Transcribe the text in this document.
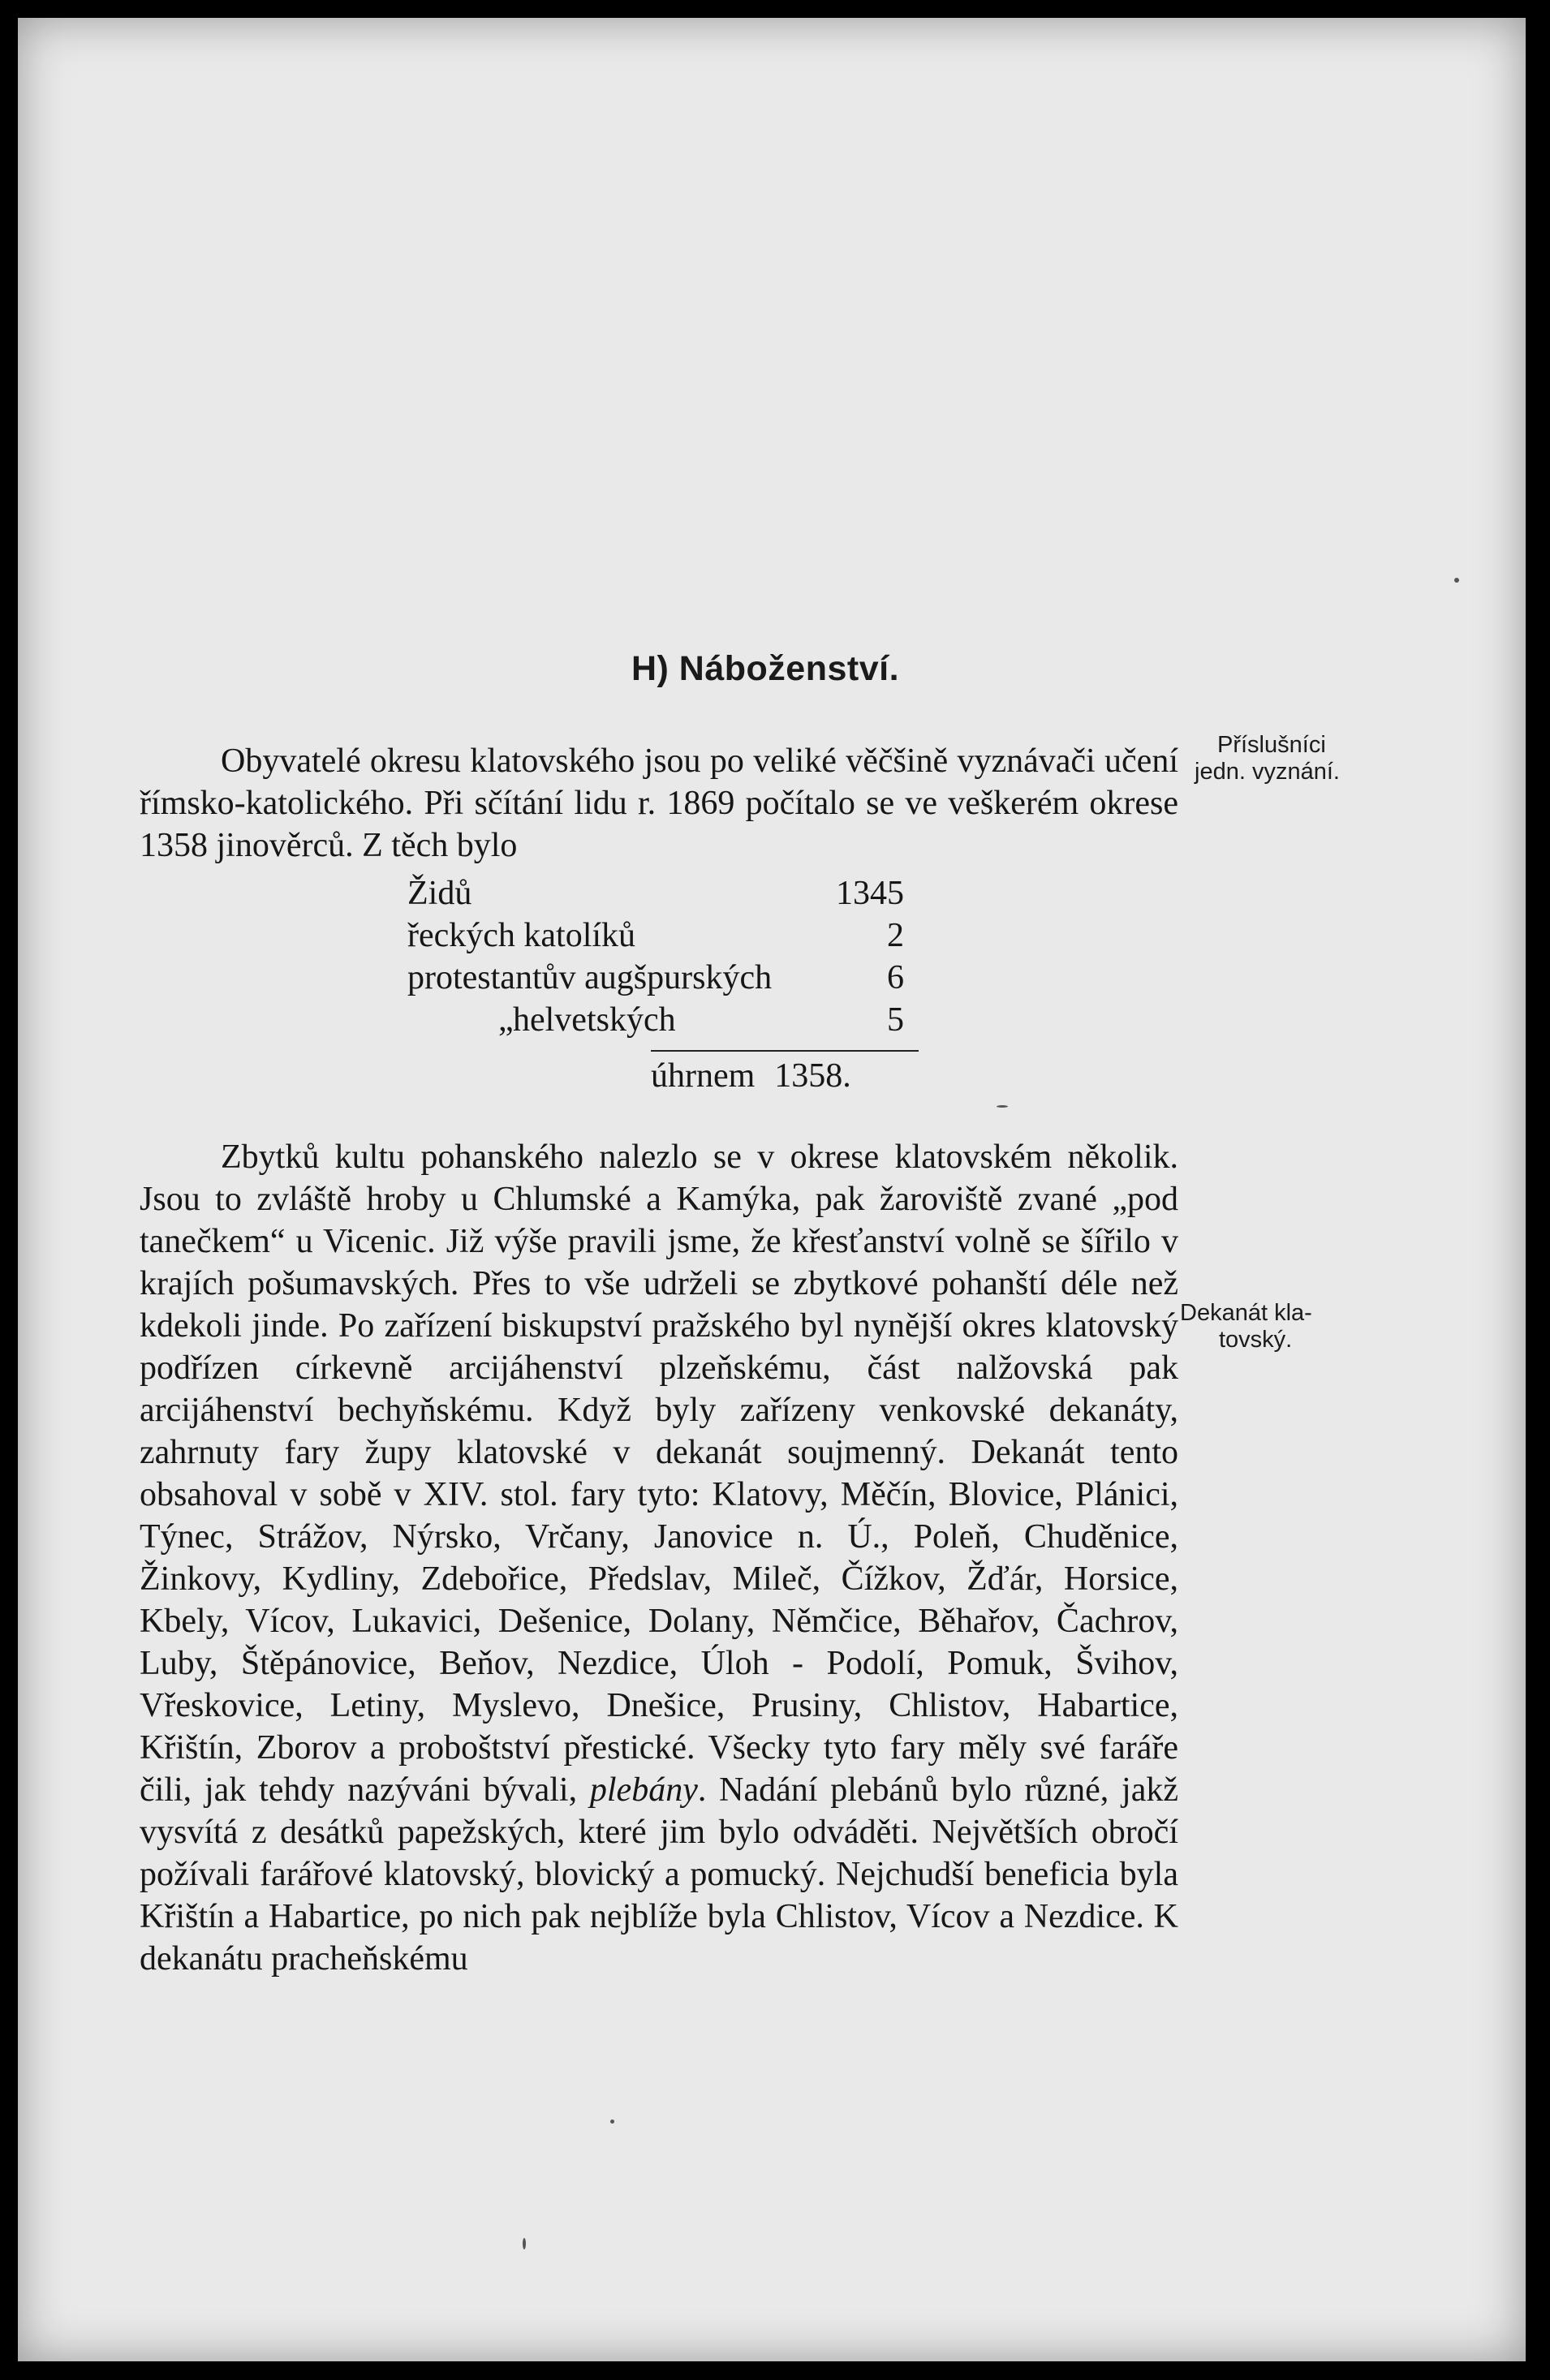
H) Náboženství.
Příslušníci
jedn. vyznání.

Obyvatelé okresu klatovského jsou po veliké věčšině vyznávači učení římsko-katolického. Při sčítání lidu r. 1869 počítalo se ve veškerém okrese 1358 jinověrců. Z těch bylo

Židů	1345
řeckých katolíků	2
protestantův augšpurských	6
„ helvetských	5
úhrnem 1358.
Dekanát kla-
tovský.

Zbytků kultu pohanského nalezlo se v okrese klatovském několik. Jsou to zvláště hroby u Chlumské a Kamýka, pak žaroviště zvané „pod tanečkem“ u Vicenic. Již výše pravili jsme, že křesťanství volně se šířilo v krajích pošumavských. Přes to vše udrželi se zbytkové pohanští déle než kdekoli jinde. Po zařízení biskupství pražského byl nynější okres klatovský podřízen církevně arcijáhenství plzeňskému, část nalžovská pak arcijáhenství bechyňskému. Když byly zařízeny venkovské dekanáty, zahrnuty fary župy klatovské v dekanát soujmenný. Dekanát tento obsahoval v sobě v XIV. stol. fary tyto: Klatovy, Měčín, Blovice, Plánici, Týnec, Strážov, Nýrsko, Vrčany, Janovice n. Ú., Poleň, Chuděnice, Žinkovy, Kydliny, Zdebořice, Předslav, Mileč, Čížkov, Žďár, Horsice, Kbely, Vícov, Lukavici, Dešenice, Dolany, Němčice, Běhařov, Čachrov, Luby, Štěpánovice, Beňov, Nezdice, Úloh - Podolí, Pomuk, Švihov, Vřeskovice, Letiny, Myslevo, Dnešice, Prusiny, Chlistov, Habartice, Křištín, Zborov a proboštství přestické. Všecky tyto fary měly své faráře čili, jak tehdy nazýváni bývali, plebány. Nadání plebánů bylo různé, jakž vysvítá z desátků papežských, které jim bylo odváděti. Největších obročí požívali farářové klatovský, blovický a pomucký. Nejchudší beneficia byla Křištín a Habartice, po nich pak nejblíže byla Chlistov, Vícov a Nezdice. K dekanátu pracheňskému
